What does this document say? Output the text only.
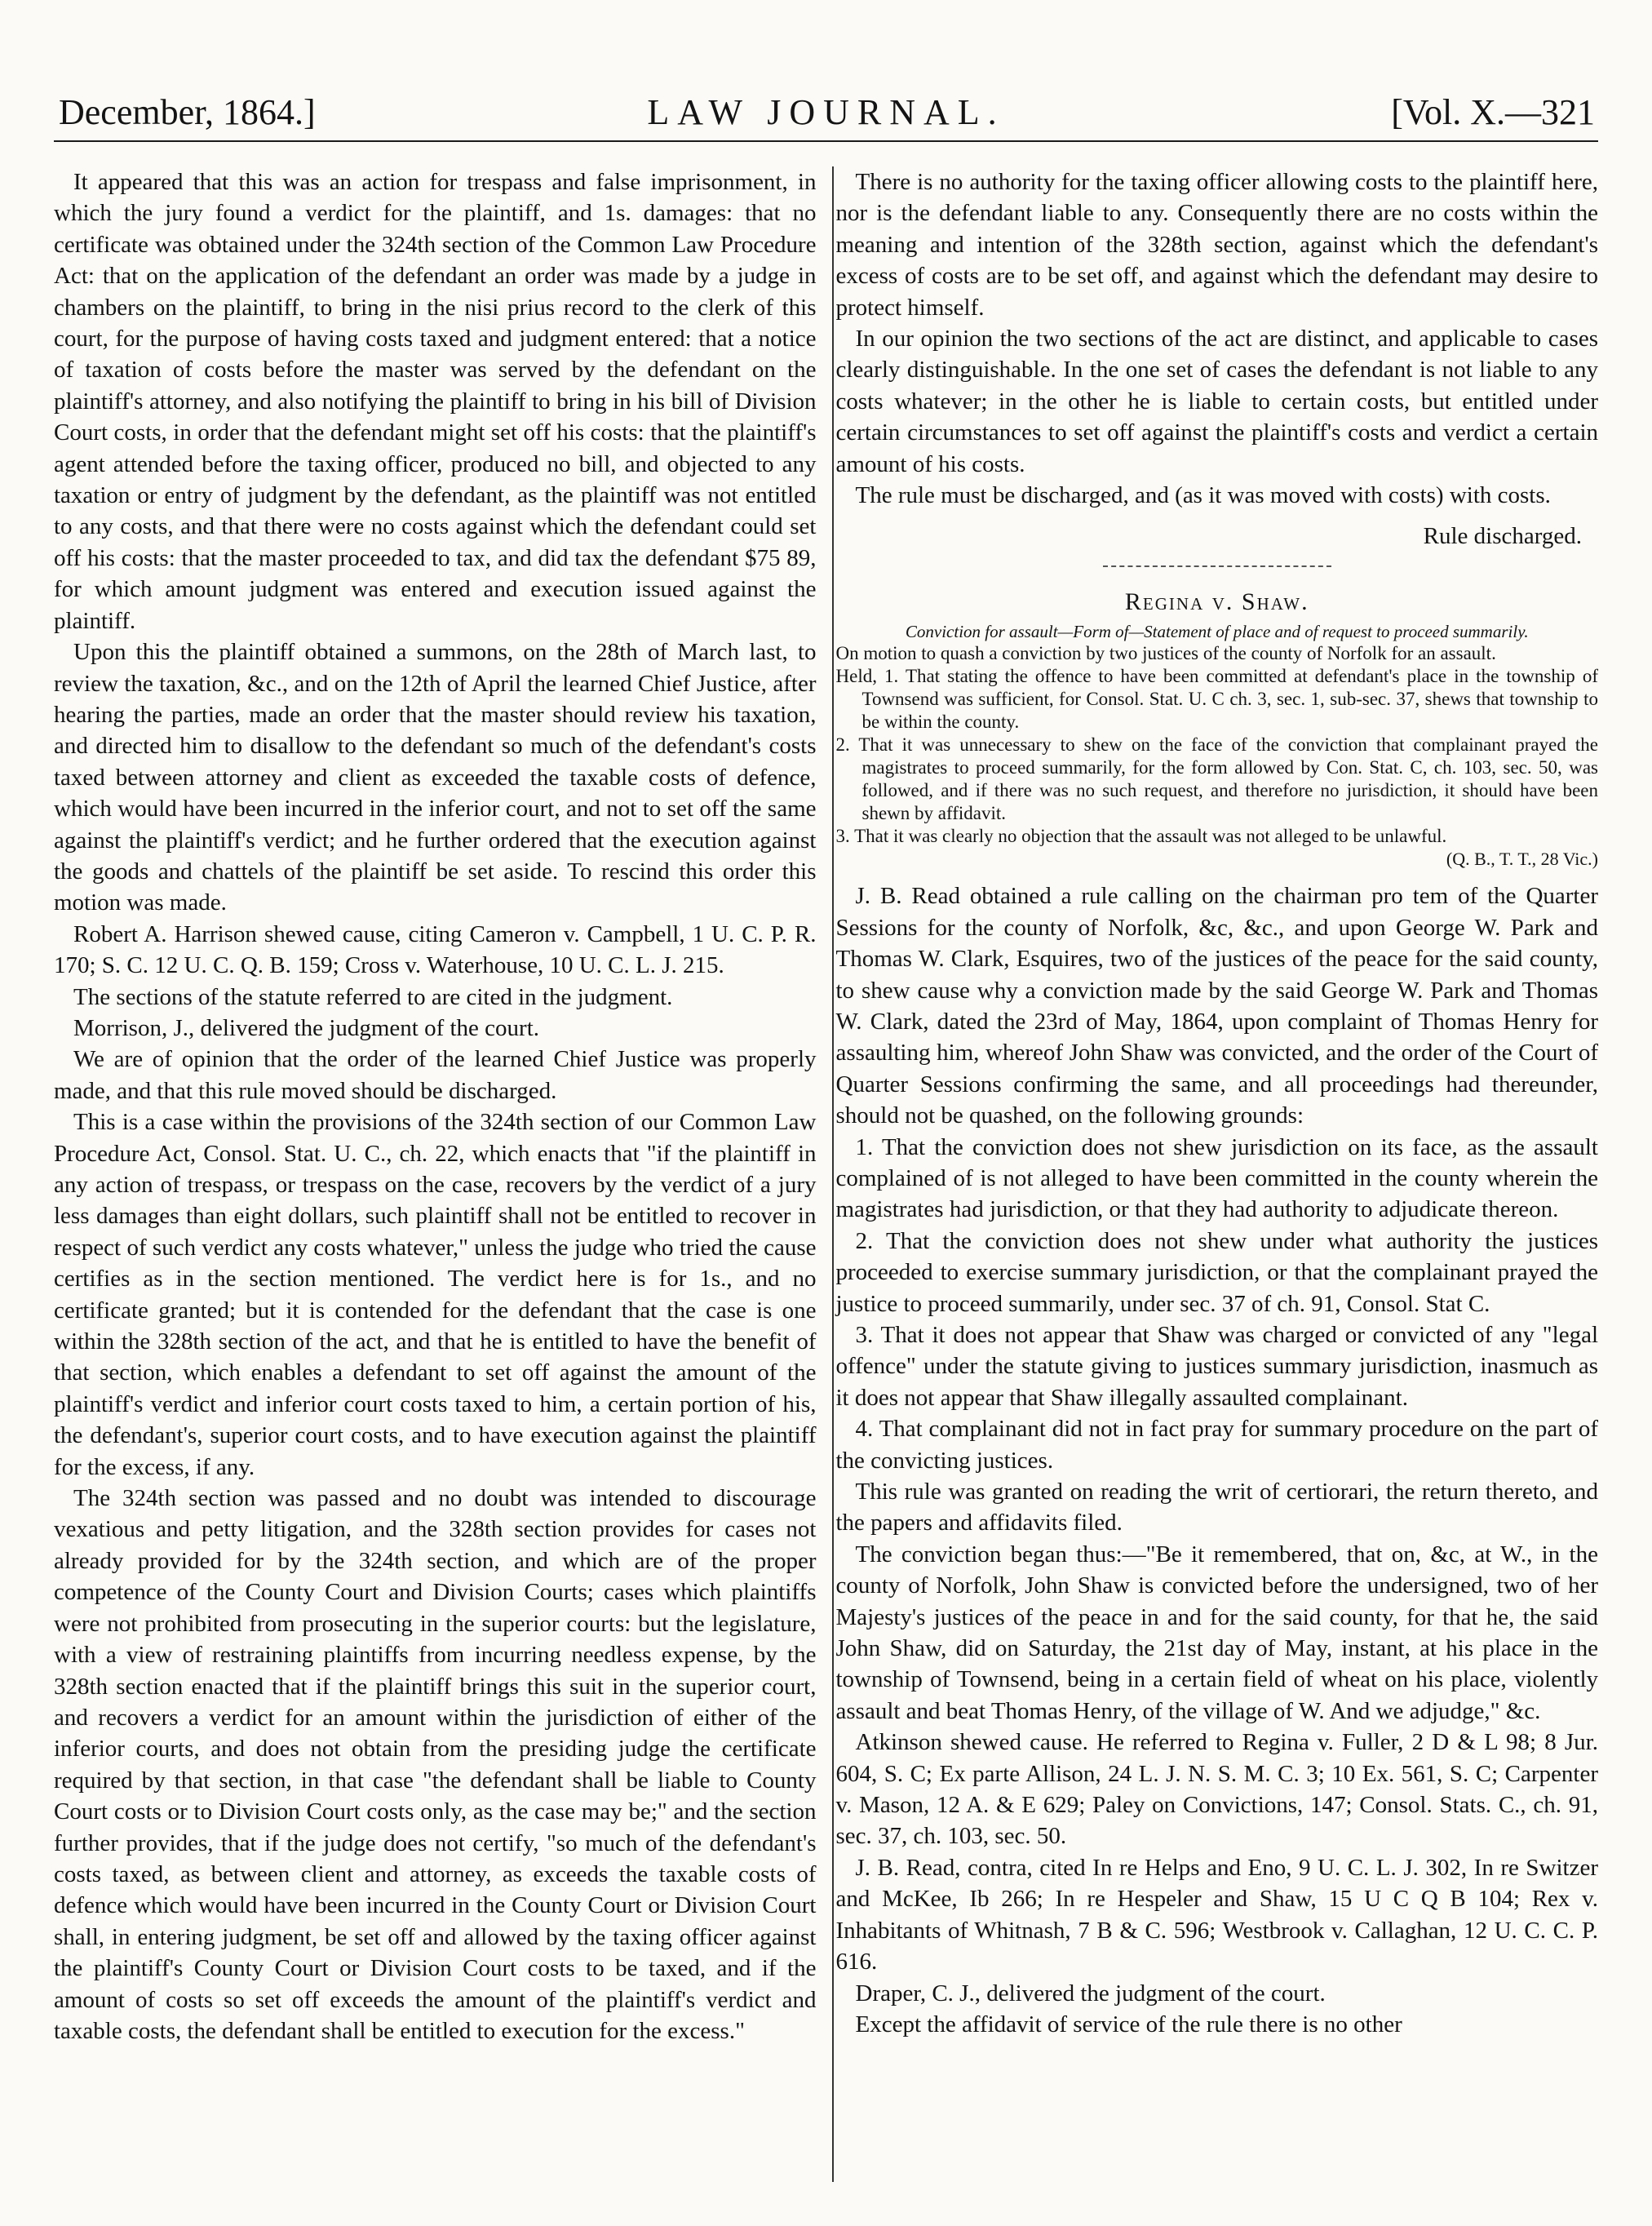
December, 1864.]	LAW JOURNAL.	[Vol. X.—321

It appeared that this was an action for trespass and false imprisonment, in which the jury found a verdict for the plaintiff, and 1s. damages: that no certificate was obtained under the 324th section of the Common Law Procedure Act: that on the application of the defendant an order was made by a judge in chambers on the plaintiff, to bring in the nisi prius record to the clerk of this court, for the purpose of having costs taxed and judgment entered: that a notice of taxation of costs before the master was served by the defendant on the plaintiff's attorney, and also notifying the plaintiff to bring in his bill of Division Court costs, in order that the defendant might set off his costs: that the plaintiff's agent attended before the taxing officer, produced no bill, and objected to any taxation or entry of judgment by the defendant, as the plaintiff was not entitled to any costs, and that there were no costs against which the defendant could set off his costs: that the master proceeded to tax, and did tax the defendant $75 89, for which amount judgment was entered and execution issued against the plaintiff.

Upon this the plaintiff obtained a summons, on the 28th of March last, to review the taxation, &c., and on the 12th of April the learned Chief Justice, after hearing the parties, made an order that the master should review his taxation, and directed him to disallow to the defendant so much of the defendant's costs taxed between attorney and client as exceeded the taxable costs of defence, which would have been incurred in the inferior court, and not to set off the same against the plaintiff's verdict; and he further ordered that the execution against the goods and chattels of the plaintiff be set aside. To rescind this order this motion was made.

Robert A. Harrison shewed cause, citing Cameron v. Campbell, 1 U. C. P. R. 170; S. C. 12 U. C. Q. B. 159; Cross v. Waterhouse, 10 U. C. L. J. 215.

The sections of the statute referred to are cited in the judgment.

Morrison, J., delivered the judgment of the court.

We are of opinion that the order of the learned Chief Justice was properly made, and that this rule moved should be discharged.

This is a case within the provisions of the 324th section of our Common Law Procedure Act, Consol. Stat. U. C., ch. 22, which enacts that "if the plaintiff in any action of trespass, or trespass on the case, recovers by the verdict of a jury less damages than eight dollars, such plaintiff shall not be entitled to recover in respect of such verdict any costs whatever," unless the judge who tried the cause certifies as in the section mentioned. The verdict here is for 1s., and no certificate granted; but it is contended for the defendant that the case is one within the 328th section of the act, and that he is entitled to have the benefit of that section, which enables a defendant to set off against the amount of the plaintiff's verdict and inferior court costs taxed to him, a certain portion of his, the defendant's, superior court costs, and to have execution against the plaintiff for the excess, if any.

The 324th section was passed and no doubt was intended to discourage vexatious and petty litigation, and the 328th section provides for cases not already provided for by the 324th section, and which are of the proper competence of the County Court and Division Courts; cases which plaintiffs were not prohibited from prosecuting in the superior courts: but the legislature, with a view of restraining plaintiffs from incurring needless expense, by the 328th section enacted that if the plaintiff brings this suit in the superior court, and recovers a verdict for an amount within the jurisdiction of either of the inferior courts, and does not obtain from the presiding judge the certificate required by that section, in that case "the defendant shall be liable to County Court costs or to Division Court costs only, as the case may be;" and the section further provides, that if the judge does not certify, "so much of the defendant's costs taxed, as between client and attorney, as exceeds the taxable costs of defence which would have been incurred in the County Court or Division Court shall, in entering judgment, be set off and allowed by the taxing officer against the plaintiff's County Court or Division Court costs to be taxed, and if the amount of costs so set off exceeds the amount of the plaintiff's verdict and taxable costs, the defendant shall be entitled to execution for the excess."

There is no authority for the taxing officer allowing costs to the plaintiff here, nor is the defendant liable to any. Consequently there are no costs within the meaning and intention of the 328th section, against which the defendant's excess of costs are to be set off, and against which the defendant may desire to protect himself.

In our opinion the two sections of the act are distinct, and applicable to cases clearly distinguishable. In the one set of cases the defendant is not liable to any costs whatever; in the other he is liable to certain costs, but entitled under certain circumstances to set off against the plaintiff's costs and verdict a certain amount of his costs.

The rule must be discharged, and (as it was moved with costs) with costs.

Rule discharged.
Regina v. Shaw.
Conviction for assault—Form of—Statement of place and of request to proceed summarily.

On motion to quash a conviction by two justices of the county of Norfolk for an assault.

Held, 1. That stating the offence to have been committed at defendant's place in the township of Townsend was sufficient, for Consol. Stat. U. C ch. 3, sec. 1, sub-sec. 37, shews that township to be within the county.

2. That it was unnecessary to shew on the face of the conviction that complainant prayed the magistrates to proceed summarily, for the form allowed by Con. Stat. C, ch. 103, sec. 50, was followed, and if there was no such request, and therefore no jurisdiction, it should have been shewn by affidavit.

3. That it was clearly no objection that the assault was not alleged to be unlawful.

(Q. B., T. T., 28 Vic.)

J. B. Read obtained a rule calling on the chairman pro tem of the Quarter Sessions for the county of Norfolk, &c, &c., and upon George W. Park and Thomas W. Clark, Esquires, two of the justices of the peace for the said county, to shew cause why a conviction made by the said George W. Park and Thomas W. Clark, dated the 23rd of May, 1864, upon complaint of Thomas Henry for assaulting him, whereof John Shaw was convicted, and the order of the Court of Quarter Sessions confirming the same, and all proceedings had thereunder, should not be quashed, on the following grounds:

1. That the conviction does not shew jurisdiction on its face, as the assault complained of is not alleged to have been committed in the county wherein the magistrates had jurisdiction, or that they had authority to adjudicate thereon.

2. That the conviction does not shew under what authority the justices proceeded to exercise summary jurisdiction, or that the complainant prayed the justice to proceed summarily, under sec. 37 of ch. 91, Consol. Stat C.

3. That it does not appear that Shaw was charged or convicted of any "legal offence" under the statute giving to justices summary jurisdiction, inasmuch as it does not appear that Shaw illegally assaulted complainant.

4. That complainant did not in fact pray for summary procedure on the part of the convicting justices.

This rule was granted on reading the writ of certiorari, the return thereto, and the papers and affidavits filed.

The conviction began thus:—"Be it remembered, that on, &c, at W., in the county of Norfolk, John Shaw is convicted before the undersigned, two of her Majesty's justices of the peace in and for the said county, for that he, the said John Shaw, did on Saturday, the 21st day of May, instant, at his place in the township of Townsend, being in a certain field of wheat on his place, violently assault and beat Thomas Henry, of the village of W. And we adjudge," &c.

Atkinson shewed cause. He referred to Regina v. Fuller, 2 D & L 98; 8 Jur. 604, S. C; Ex parte Allison, 24 L. J. N. S. M. C. 3; 10 Ex. 561, S. C; Carpenter v. Mason, 12 A. & E 629; Paley on Convictions, 147; Consol. Stats. C., ch. 91, sec. 37, ch. 103, sec. 50.

J. B. Read, contra, cited In re Helps and Eno, 9 U. C. L. J. 302, In re Switzer and McKee, Ib 266; In re Hespeler and Shaw, 15 U C Q B 104; Rex v. Inhabitants of Whitnash, 7 B & C. 596; Westbrook v. Callaghan, 12 U. C. C. P. 616.

Draper, C. J., delivered the judgment of the court.

Except the affidavit of service of the rule there is no other
